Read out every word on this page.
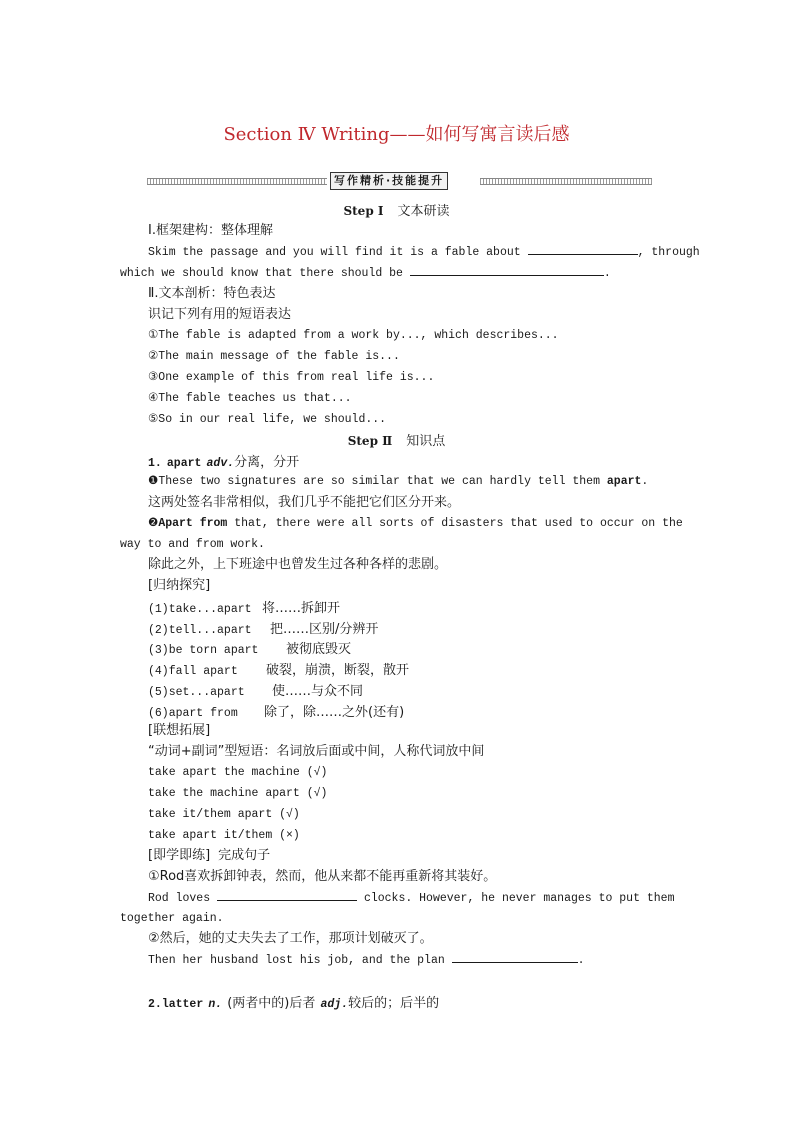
Section Ⅳ Writing——如何写寓言读后感
写作精析·技能提升
Step Ⅰ 文本研读
Ⅰ.框架建构：整体理解
Skim the passage and you will find it is a fable about	, through
which we should know that there should be	.
Ⅱ.文本剖析：特色表达
识记下列有用的短语表达
①The fable is adapted from a work by..., which describes...
②The main message of the fable is...
③One example of this from real life is...
④The fable teaches us that...
⑤So in our real life, we should...
Step Ⅱ 知识点
1. apart adv.分离，分开
❶These two signatures are so similar that we can hardly tell them apart.
这两处签名非常相似，我们几乎不能把它们区分开来。
❷Apart from that, there were all sorts of disasters that used to occur on the
way to and from work.
除此之外，上下班途中也曾发生过各种各样的悲剧。
[归纳探究]
(1)take...apart 将……拆卸开
(2)tell...apart 把……区别/分辨开
(3)be torn apart 被彻底毁灭
(4)fall apart 破裂，崩溃，断裂，散开
(5)set...apart 使……与众不同
(6)apart from 除了，除……之外(还有)
[联想拓展]
“动词+副词”型短语：名词放后面或中间，人称代词放中间
take apart the machine (√)
take the machine apart (√)
take it/them apart (√)
take apart it/them (×)
[即学即练] 完成句子
①Rod喜欢拆卸钟表，然而，他从来都不能再重新将其装好。
Rod loves	clocks. However, he never manages to put them
together again.
②然后，她的丈夫失去了工作，那项计划破灭了。
Then her husband lost his job, and the plan	.
2.latter n. (两者中的)后者 adj.较后的；后半的
